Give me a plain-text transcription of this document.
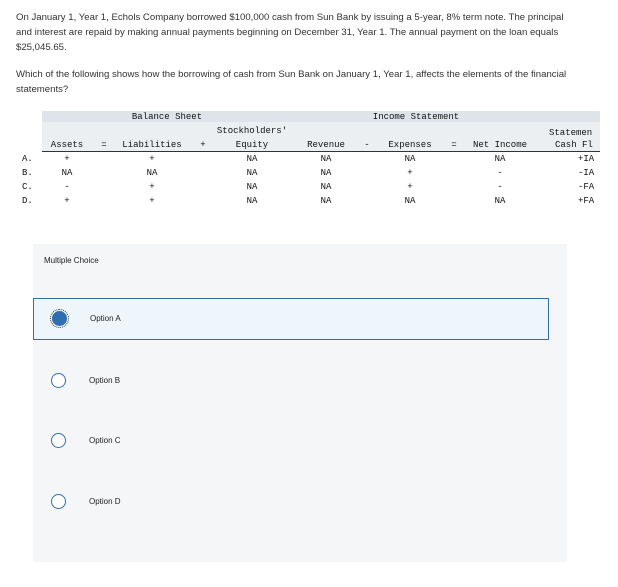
On January 1, Year 1, Echols Company borrowed $100,000 cash from Sun Bank by issuing a 5-year, 8% term note. The principal and interest are repaid by making annual payments beginning on December 31, Year 1. The annual payment on the loan equals $25,045.65.
Which of the following shows how the borrowing of cash from Sun Bank on January 1, Year 1, affects the elements of the financial statements?
Balance Sheet	Income Statement
Stockholders'	Statemen
Assets = Liabilities +	Equity	Revenue - Expenses = Net Income	Cash Fl
A.	+	+	NA	NA	NA	NA	+IA
B.	NA	NA	NA	NA	+	-	-IA
C.	-	+	NA	NA	+	-	-FA
D.	+	+	NA	NA	NA	NA	+FA
Multiple Choice
Option A
Option B
Option C
Option D
